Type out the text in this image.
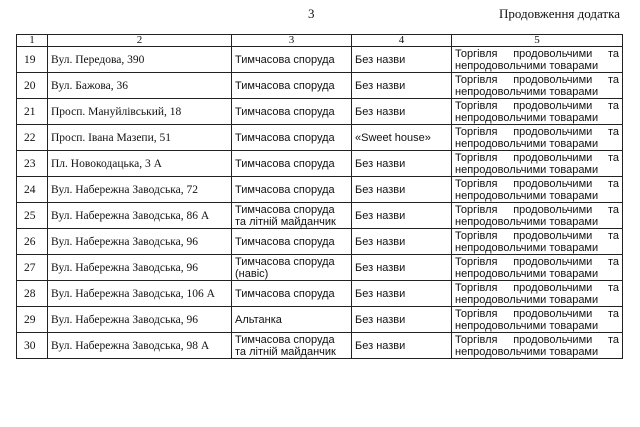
3	Продовження додатка
1	2	3	4	5
19	Вул. Передова, 390	Тимчасова споруда	Без назви	Торгівля продовольчими та
непродовольчими товарами

20	Вул. Бажова, 36	Тимчасова споруда	Без назви	Торгівля продовольчими та
непродовольчими товарами

21	Просп. Мануйлівський, 18	Тимчасова споруда	Без назви	Торгівля продовольчими та
непродовольчими товарами

22	Просп. Івана Мазепи, 51	Тимчасова споруда	«Sweet house»	Торгівля продовольчими та
непродовольчими товарами

23	Пл. Новокодацька, 3 А	Тимчасова споруда	Без назви	Торгівля продовольчими та
непродовольчими товарами

24	Вул. Набережна Заводська, 72	Тимчасова споруда	Без назви	Торгівля продовольчими та
непродовольчими товарами

25	Вул. Набережна Заводська, 86 А	Тимчасова споруда та літній майданчик	Без назви	Торгівля продовольчими та
непродовольчими товарами

26	Вул. Набережна Заводська, 96	Тимчасова споруда	Без назви	Торгівля продовольчими та
непродовольчими товарами

27	Вул. Набережна Заводська, 96	Тимчасова споруда (навіс)	Без назви	Торгівля продовольчими та
непродовольчими товарами

28	Вул. Набережна Заводська, 106 А	Тимчасова споруда	Без назви	Торгівля продовольчими та
непродовольчими товарами

29	Вул. Набережна Заводська, 96	Альтанка	Без назви	Торгівля продовольчими та
непродовольчими товарами

30	Вул. Набережна Заводська, 98 А	Тимчасова споруда та літній майданчик	Без назви	Торгівля продовольчими та
непродовольчими товарами
